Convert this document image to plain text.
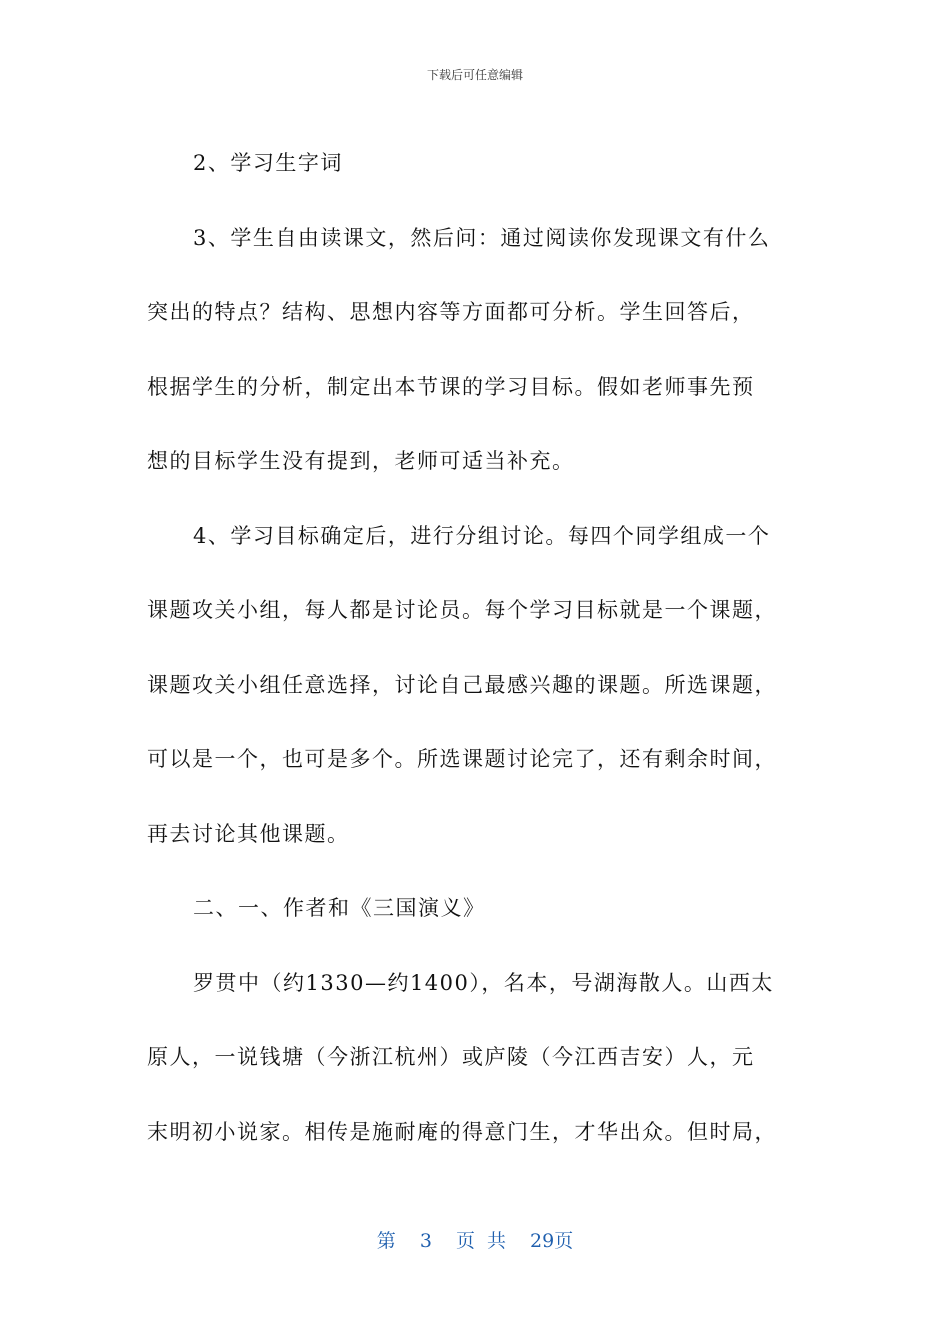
下载后可任意编辑
2、学习生字词
3、学生自由读课文，然后问：通过阅读你发现课文有什么
突出的特点？结构、思想内容等方面都可分析。学生回答后，
根据学生的分析，制定出本节课的学习目标。假如老师事先预
想的目标学生没有提到，老师可适当补充。
4、学习目标确定后，进行分组讨论。每四个同学组成一个
课题攻关小组，每人都是讨论员。每个学习目标就是一个课题，
课题攻关小组任意选择，讨论自己最感兴趣的课题。所选课题，
可以是一个，也可是多个。所选课题讨论完了，还有剩余时间，
再去讨论其他课题。
二、一、作者和《三国演义》
罗贯中（约1330—约1400），名本，号湖海散人。山西太
原人，一说钱塘（今浙江杭州）或庐陵（今江西吉安）人，元
末明初小说家。相传是施耐庵的得意门生，才华出众。但时局，
第 3 页 共 29页
